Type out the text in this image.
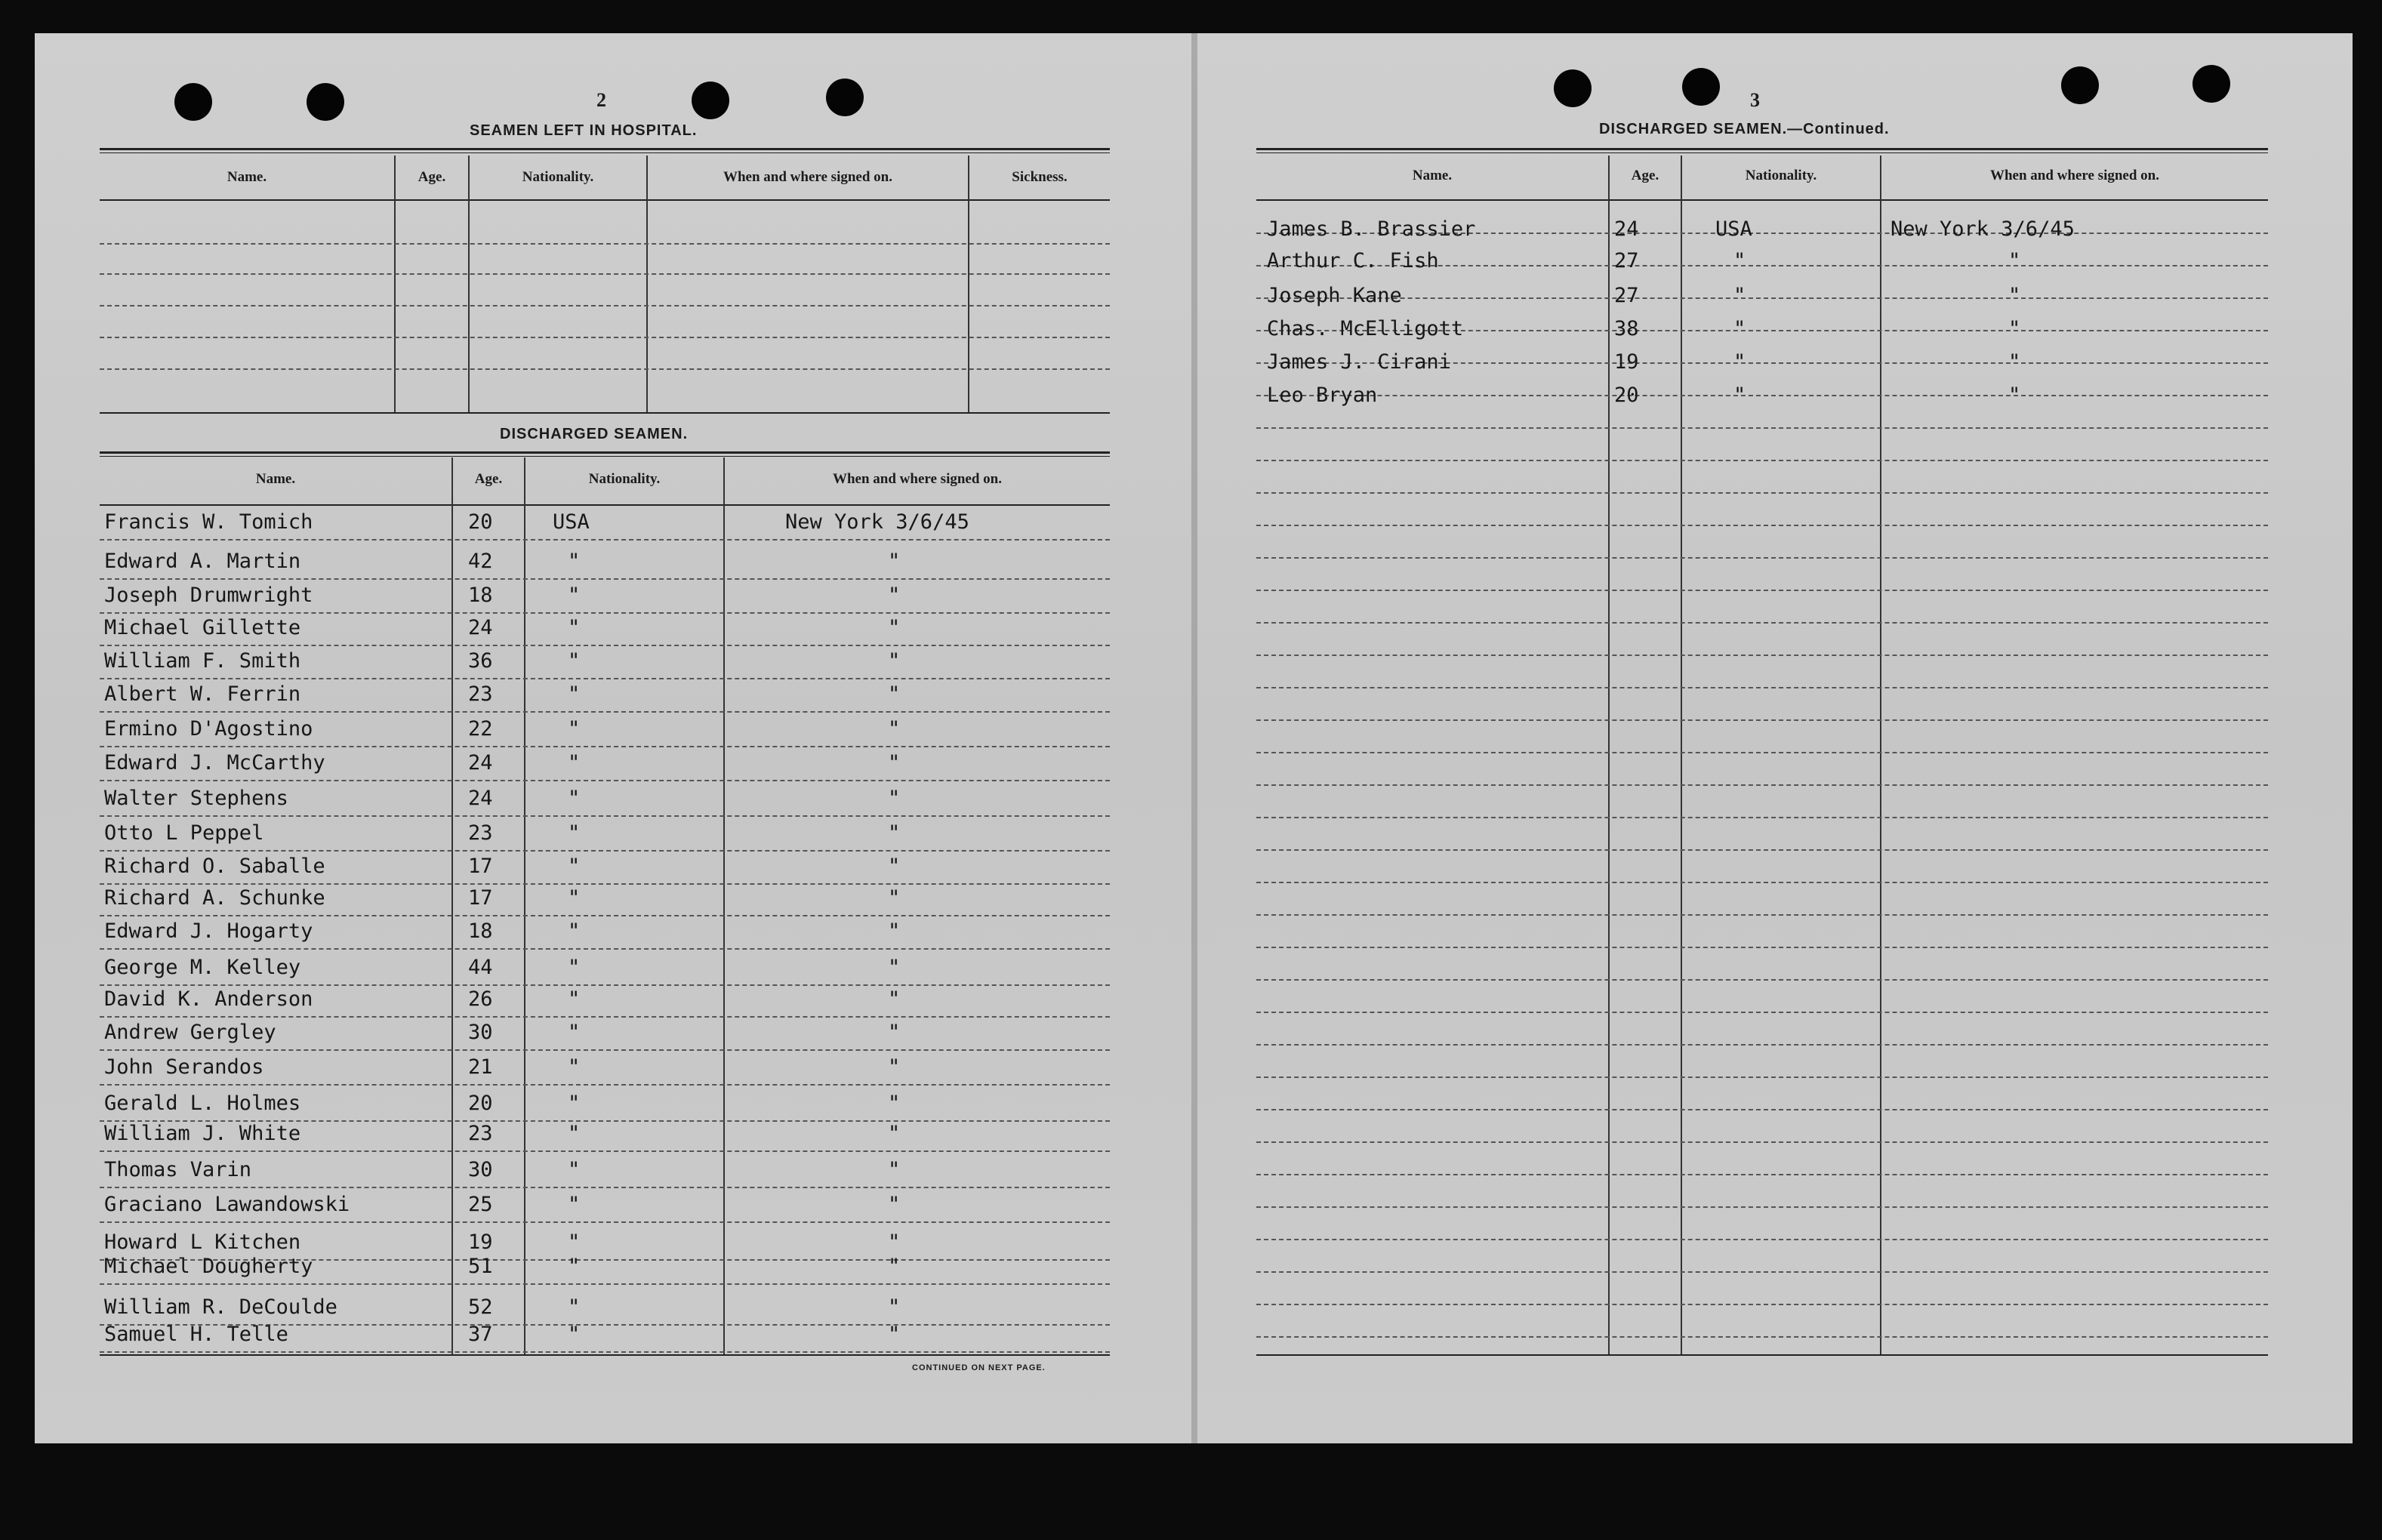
2
SEAMEN LEFT IN HOSPITAL.
Name.	Age.	Nationality.	When and where signed on.	Sickness.
DISCHARGED SEAMEN.
Name.	Age.	Nationality.	When and where signed on.
CONTINUED ON NEXT PAGE.
Francis W. Tomich	20	USA	New York 3/6/45
Edward A. Martin	42	"	"
Joseph Drumwright	18	"	"
Michael Gillette	24	"	"
William F. Smith	36	"	"
Albert W. Ferrin	23	"	"
Ermino D'Agostino	22	"	"
Edward J. McCarthy	24	"	"
Walter Stephens	24	"	"
Otto L Peppel	23	"	"
Richard O. Saballe	17	"	"
Richard A. Schunke	17	"	"
Edward J. Hogarty	18	"	"
George M. Kelley	44	"	"
David K. Anderson	26	"	"
Andrew Gergley	30	"	"
John Serandos	21	"	"
Gerald L. Holmes	20	"	"
William J. White	23	"	"
Thomas Varin	30	"	"
Graciano Lawandowski	25	"	"
Howard L Kitchen	19	"	"
Michael Dougherty	51	"	"
William R. DeCoulde	52	"	"
Samuel H. Telle	37	"	"
3
DISCHARGED SEAMEN.—Continued.
Name.	Age.	Nationality.	When and where signed on.
James B. Brassier	24	USA	New York 3/6/45
Arthur C. Fish	27	"	"
Joseph Kane	27	"	"
Chas. McElligott	38	"	"
James J. Cirani	19	"	"
Leo Bryan	20	"	"
